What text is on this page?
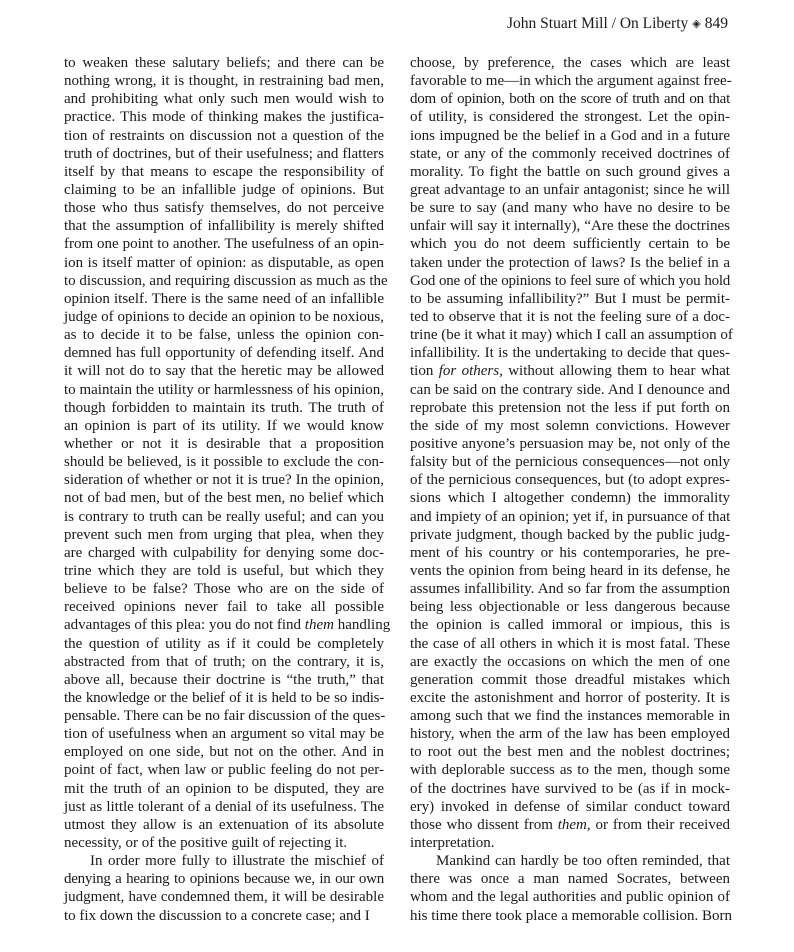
John Stuart Mill / On Liberty ◈ 849
to weaken these salutary beliefs; and there can be
nothing wrong, it is thought, in restraining bad men,
and prohibiting what only such men would wish to
practice. This mode of thinking makes the justifica-
tion of restraints on discussion not a question of the
truth of doctrines, but of their usefulness; and flatters
itself by that means to escape the responsibility of
claiming to be an infallible judge of opinions. But
those who thus satisfy themselves, do not perceive
that the assumption of infallibility is merely shifted
from one point to another. The usefulness of an opin-
ion is itself matter of opinion: as disputable, as open
to discussion, and requiring discussion as much as the
opinion itself. There is the same need of an infallible
judge of opinions to decide an opinion to be noxious,
as to decide it to be false, unless the opinion con-
demned has full opportunity of defending itself. And
it will not do to say that the heretic may be allowed
to maintain the utility or harmlessness of his opinion,
though forbidden to maintain its truth. The truth of
an opinion is part of its utility. If we would know
whether or not it is desirable that a proposition
should be believed, is it possible to exclude the con-
sideration of whether or not it is true? In the opinion,
not of bad men, but of the best men, no belief which
is contrary to truth can be really useful; and can you
prevent such men from urging that plea, when they
are charged with culpability for denying some doc-
trine which they are told is useful, but which they
believe to be false? Those who are on the side of
received opinions never fail to take all possible
advantages of this plea: you do not find them handling
the question of utility as if it could be completely
abstracted from that of truth; on the contrary, it is,
above all, because their doctrine is “the truth,” that
the knowledge or the belief of it is held to be so indis-
pensable. There can be no fair discussion of the ques-
tion of usefulness when an argument so vital may be
employed on one side, but not on the other. And in
point of fact, when law or public feeling do not per-
mit the truth of an opinion to be disputed, they are
just as little tolerant of a denial of its usefulness. The
utmost they allow is an extenuation of its absolute
necessity, or of the positive guilt of rejecting it.
In order more fully to illustrate the mischief of
denying a hearing to opinions because we, in our own
judgment, have condemned them, it will be desirable
to fix down the discussion to a concrete case; and I
choose, by preference, the cases which are least
favorable to me—in which the argument against free-
dom of opinion, both on the score of truth and on that
of utility, is considered the strongest. Let the opin-
ions impugned be the belief in a God and in a future
state, or any of the commonly received doctrines of
morality. To fight the battle on such ground gives a
great advantage to an unfair antagonist; since he will
be sure to say (and many who have no desire to be
unfair will say it internally), “Are these the doctrines
which you do not deem sufficiently certain to be
taken under the protection of laws? Is the belief in a
God one of the opinions to feel sure of which you hold
to be assuming infallibility?” But I must be permit-
ted to observe that it is not the feeling sure of a doc-
trine (be it what it may) which I call an assumption of
infallibility. It is the undertaking to decide that ques-
tion for others, without allowing them to hear what
can be said on the contrary side. And I denounce and
reprobate this pretension not the less if put forth on
the side of my most solemn convictions. However
positive anyone’s persuasion may be, not only of the
falsity but of the pernicious consequences—not only
of the pernicious consequences, but (to adopt expres-
sions which I altogether condemn) the immorality
and impiety of an opinion; yet if, in pursuance of that
private judgment, though backed by the public judg-
ment of his country or his contemporaries, he pre-
vents the opinion from being heard in its defense, he
assumes infallibility. And so far from the assumption
being less objectionable or less dangerous because
the opinion is called immoral or impious, this is
the case of all others in which it is most fatal. These
are exactly the occasions on which the men of one
generation commit those dreadful mistakes which
excite the astonishment and horror of posterity. It is
among such that we find the instances memorable in
history, when the arm of the law has been employed
to root out the best men and the noblest doctrines;
with deplorable success as to the men, though some
of the doctrines have survived to be (as if in mock-
ery) invoked in defense of similar conduct toward
those who dissent from them, or from their received
interpretation.
Mankind can hardly be too often reminded, that
there was once a man named Socrates, between
whom and the legal authorities and public opinion of
his time there took place a memorable collision. Born
